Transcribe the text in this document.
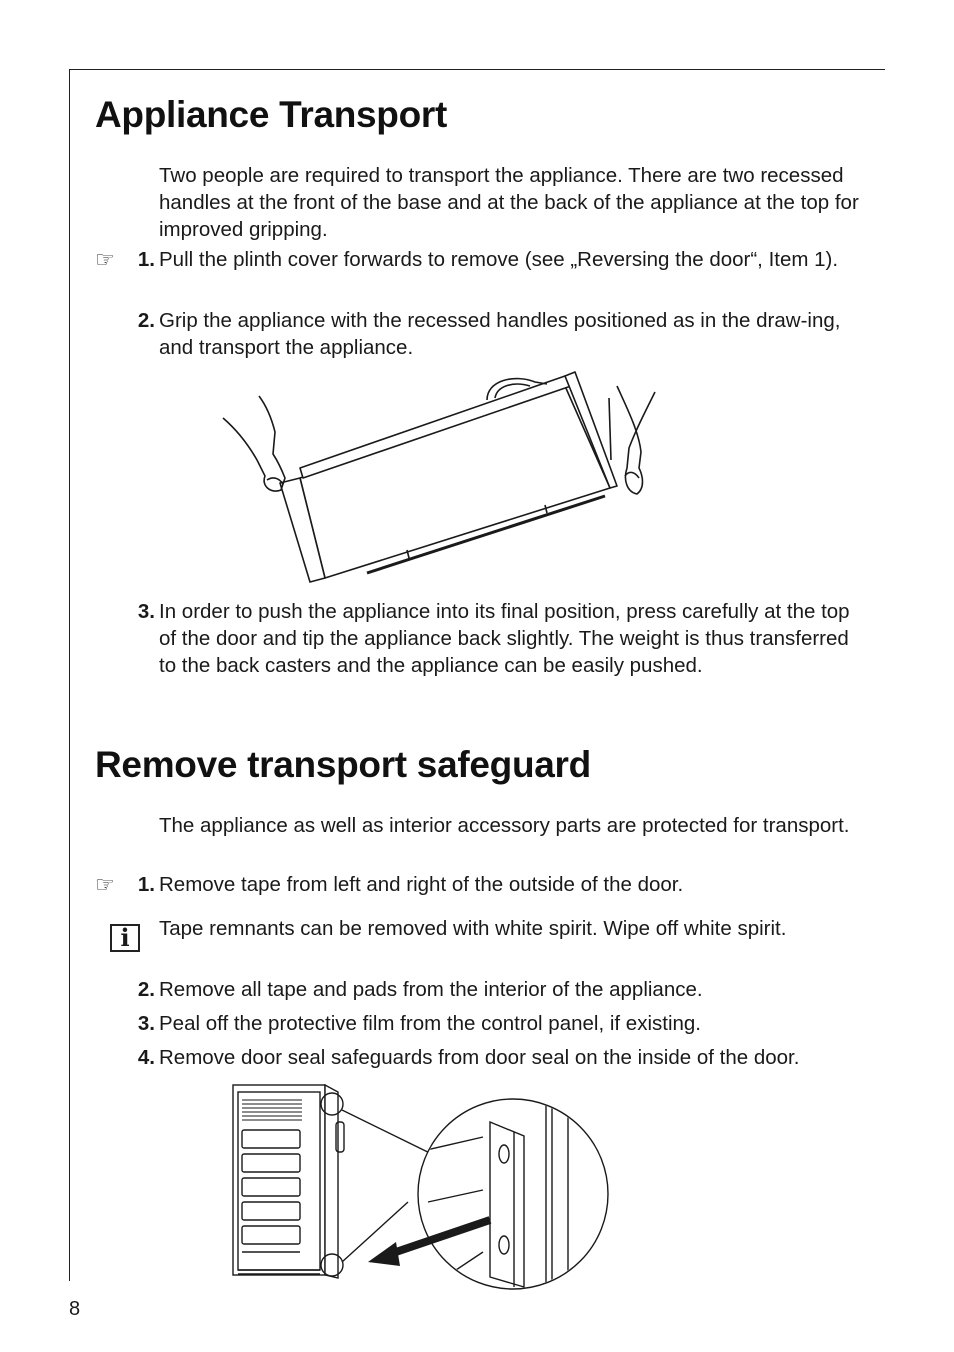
Appliance Transport

Two people are required to transport the appliance. There are two recessed handles at the front of the base and at the back of the appliance at the top for improved gripping.

☞	1. Pull the plinth cover forwards to remove (see „Reversing the door“, Item 1).
2. Grip the appliance with the recessed handles positioned as in the draw-ing, and transport the appliance.
3. In order to push the appliance into its final position, press carefully at the top of the door and tip the appliance back slightly. The weight is thus transferred to the back casters and the appliance can be easily pushed.
Remove transport safeguard

The appliance as well as interior accessory parts are protected for transport.

☞	1. Remove tape from left and right of the outside of the door.
i	Tape remnants can be removed with white spirit. Wipe off white spirit.

2. Remove all tape and pads from the interior of the appliance.
3. Peal off the protective film from the control panel, if existing.
4. Remove door seal safeguards from door seal on the inside of the door.
8
